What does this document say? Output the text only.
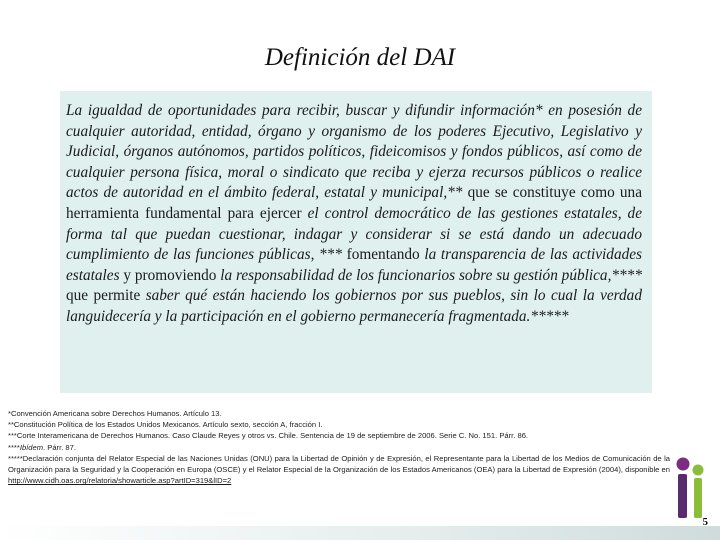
Definición del DAI

La igualdad de oportunidades para recibir, buscar y difundir información* en posesión de cualquier autoridad, entidad, órgano y organismo de los poderes Ejecutivo, Legislativo y Judicial, órganos autónomos, partidos políticos, fideicomisos y fondos públicos, así como de cualquier persona física, moral o sindicato que reciba y ejerza recursos públicos o realice actos de autoridad en el ámbito federal, estatal y municipal,** que se constituye como una herramienta fundamental para ejercer el control democrático de las gestiones estatales, de forma tal que puedan cuestionar, indagar y considerar si se está dando un adecuado cumplimiento de las funciones públicas, *** fomentando la transparencia de las actividades estatales y promoviendo la responsabilidad de los funcionarios sobre su gestión pública,**** que permite saber qué están haciendo los gobiernos por sus pueblos, sin lo cual la verdad languidecería y la participación en el gobierno permanecería fragmentada.*****

*Convención Americana sobre Derechos Humanos. Artículo 13.
**Constitución Política de los Estados Unidos Mexicanos. Artículo sexto, sección A, fracción I.
***Corte Interamericana de Derechos Humanos. Caso Claude Reyes y otros vs. Chile. Sentencia de 19 de septiembre de 2006. Serie C. No. 151. Párr. 86.
****Ibídem. Párr. 87.
*****Declaración conjunta del Relator Especial de las Naciones Unidas (ONU) para la Libertad de Opinión y de Expresión, el Representante para la Libertad de los Medios de Comunicación de la Organización para la Seguridad y la Cooperación en Europa (OSCE) y el Relator Especial de la Organización de los Estados Americanos (OEA) para la Libertad de Expresión (2004), disponible en http://www.cidh.oas.org/relatoria/showarticle.asp?artID=319&lID=2
5
